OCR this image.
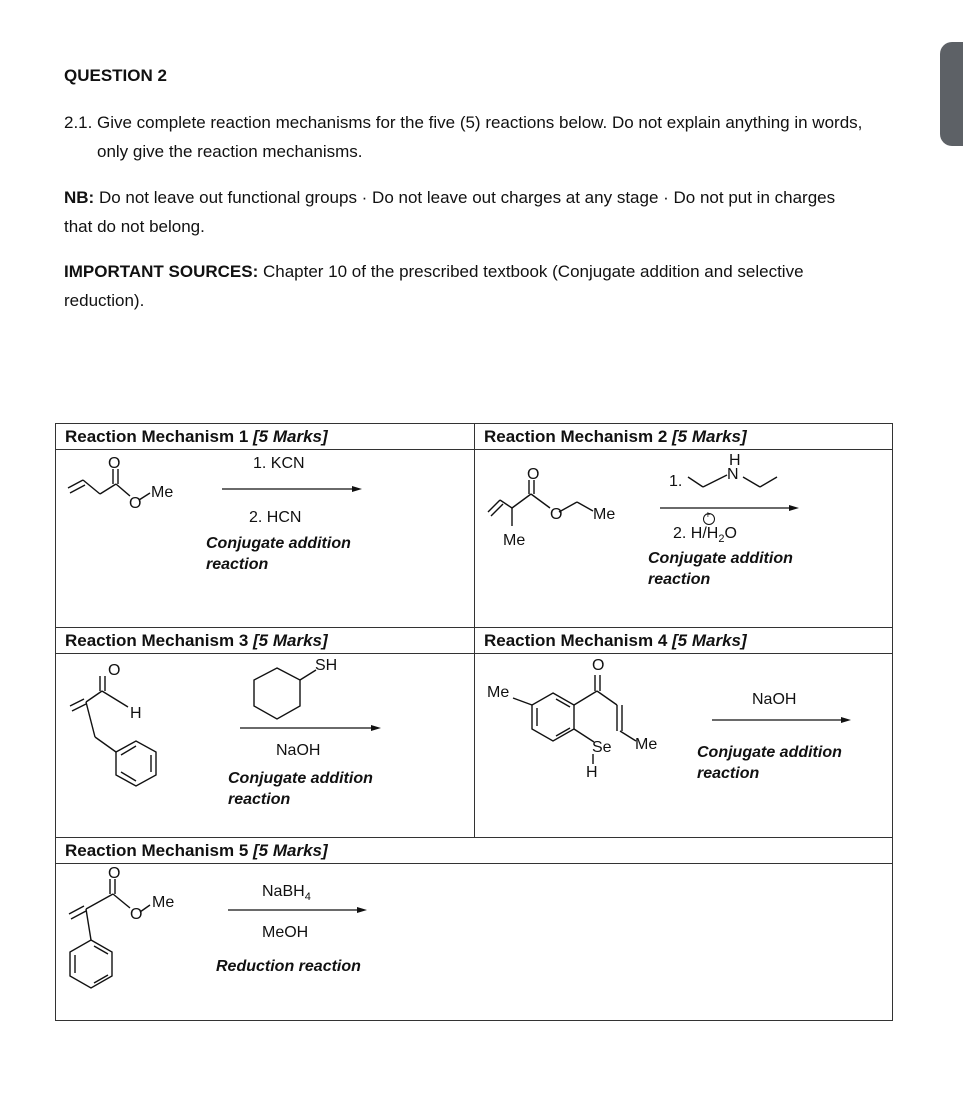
QUESTION 2
2.1. Give complete reaction mechanisms for the five (5) reactions below. Do not explain anything in words, only give the reaction mechanisms.
NB: Do not leave out functional groups · Do not leave out charges at any stage · Do not put in charges that do not belong.
IMPORTANT SOURCES: Chapter 10 of the prescribed textbook (Conjugate addition and selective reduction).
Reaction Mechanism 1 [5 Marks]	Reaction Mechanism 2 [5 Marks]
Reaction Mechanism 3 [5 Marks]	Reaction Mechanism 4 [5 Marks]
Reaction Mechanism 5 [5 Marks]
O
O
Me
1. KCN
2. HCN
Conjugate addition reaction
O
O Me
Me
1.
H
N
+
2. $H/H_2O$
Conjugate addition reaction
O
H
SH
NaOH
Conjugate addition reaction
O
Me
Me
Se
H
NaOH
Conjugate addition reaction
O
O
Me
NaBH$_4$
MeOH
Reduction reaction
